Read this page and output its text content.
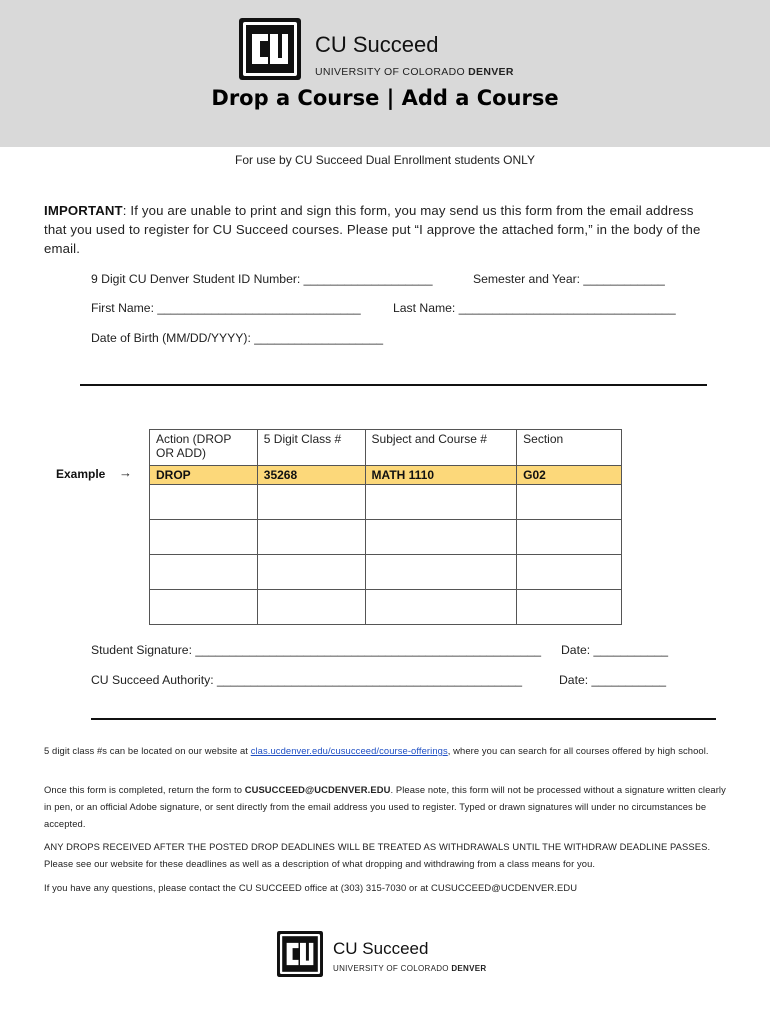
CU Succeed
UNIVERSITY OF COLORADO DENVER
Drop a Course | Add a Course
For use by CU Succeed Dual Enrollment students ONLY
IMPORTANT: If you are unable to print and sign this form, you may send us this form from the email address that you used to register for CU Succeed courses. Please put “I approve the attached form,” in the body of the email.
9 Digit CU Denver Student ID Number: ___________________	Semester and Year: ____________
First Name: ______________________________	Last Name: ________________________________
Date of Birth (MM/DD/YYYY): ___________________
Example →
Action (DROP OR ADD)	5 Digit Class #	Subject and Course #	Section
DROP	35268	MATH 1110	G02

Student Signature: ___________________________________________________ Date: ___________
CU Succeed Authority: _____________________________________________	Date: ___________
5 digit class #s can be located on our website at clas.ucdenver.edu/cusucceed/course-offerings, where you can search for all courses offered by high school.
Once this form is completed, return the form to CUSUCCEED@UCDENVER.EDU. Please note, this form will not be processed without a signature written clearly in pen, or an official Adobe signature, or sent directly from the email address you used to register. Typed or drawn signatures will under no circumstances be accepted.
ANY DROPS RECEIVED AFTER THE POSTED DROP DEADLINES WILL BE TREATED AS WITHDRAWALS UNTIL THE WITHDRAW DEADLINE PASSES. Please see our website for these deadlines as well as a description of what dropping and withdrawing from a class means for you.
If you have any questions, please contact the CU SUCCEED office at (303) 315-7030 or at CUSUCCEED@UCDENVER.EDU
CU Succeed
UNIVERSITY OF COLORADO DENVER
